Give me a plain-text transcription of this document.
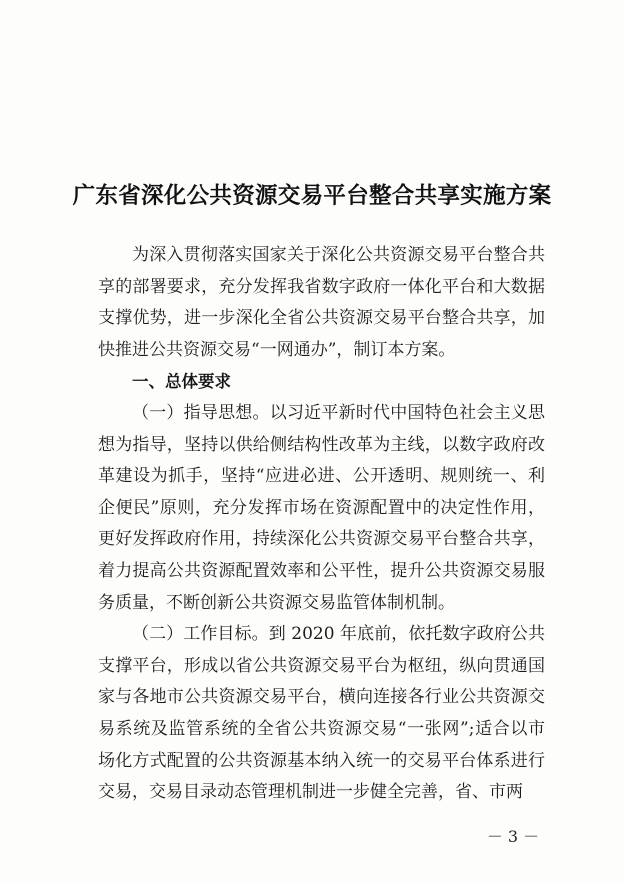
广东省深化公共资源交易平台整合共享实施方案

为深入贯彻落实国家关于深化公共资源交易平台整合共享的部署要求，充分发挥我省数字政府一体化平台和大数据支撑优势，进一步深化全省公共资源交易平台整合共享，加快推进公共资源交易“一网通办”，制订本方案。

一、总体要求

（一）指导思想。以习近平新时代中国特色社会主义思想为指导，坚持以供给侧结构性改革为主线，以数字政府改革建设为抓手，坚持“应进必进、公开透明、规则统一、利企便民”原则，充分发挥市场在资源配置中的决定性作用，更好发挥政府作用，持续深化公共资源交易平台整合共享，着力提高公共资源配置效率和公平性，提升公共资源交易服务质量，不断创新公共资源交易监管体制机制。

（二）工作目标。到 2020 年底前，依托数字政府公共支撑平台，形成以省公共资源交易平台为枢纽，纵向贯通国家与各地市公共资源交易平台，横向连接各行业公共资源交易系统及监管系统的全省公共资源交易“一张网”;适合以市场化方式配置的公共资源基本纳入统一的交易平台体系进行交易，交易目录动态管理机制进一步健全完善，省、市两

－ 3 －
